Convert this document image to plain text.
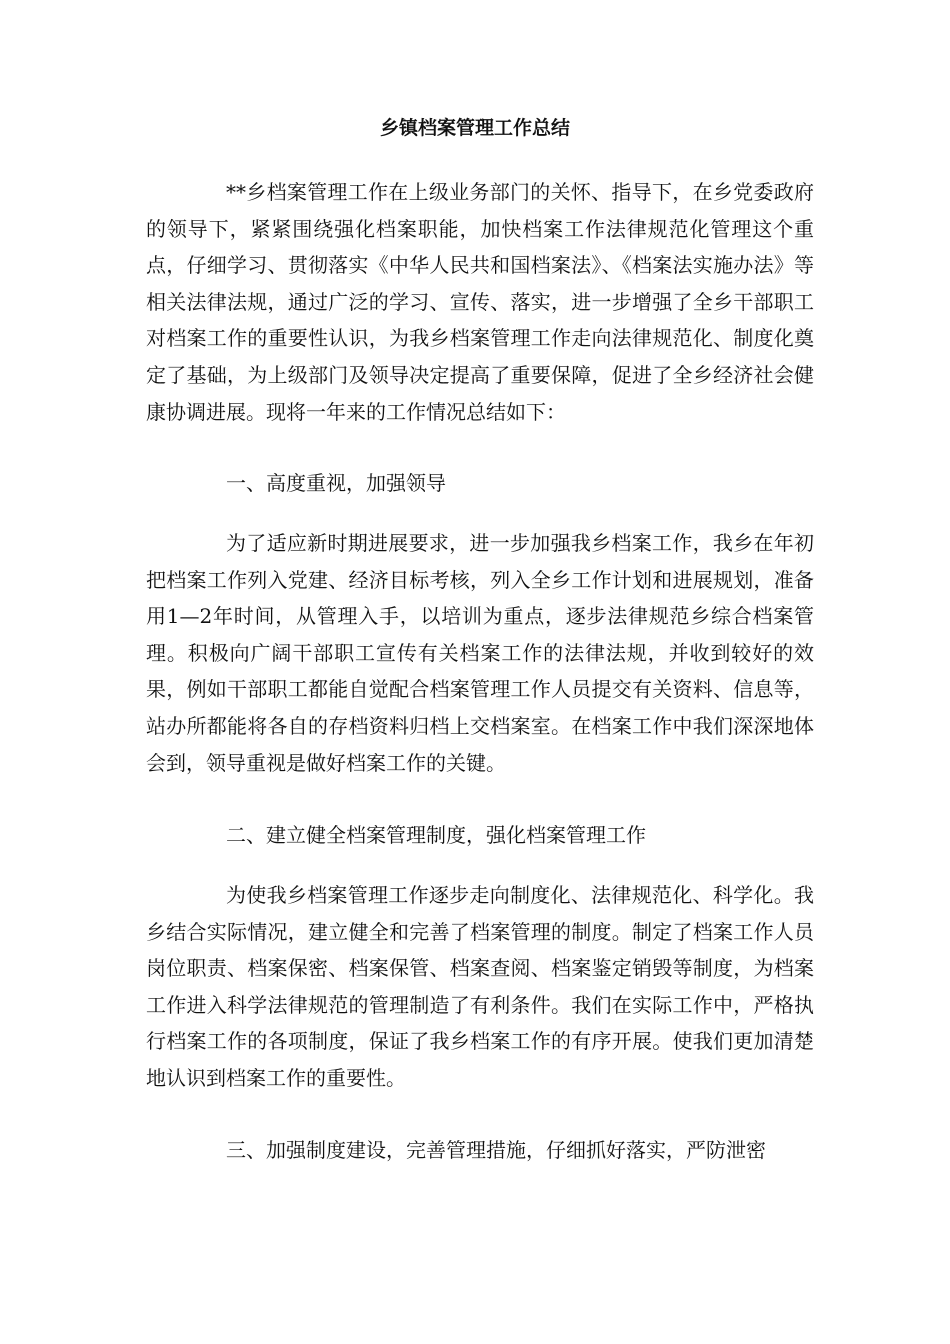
乡镇档案管理工作总结

**乡档案管理工作在上级业务部门的关怀、指导下，在乡党委政府的领导下，紧紧围绕强化档案职能，加快档案工作法律规范化管理这个重点，仔细学习、贯彻落实《中华人民共和国档案法》、《档案法实施办法》等相关法律法规，通过广泛的学习、宣传、落实，进一步增强了全乡干部职工对档案工作的重要性认识，为我乡档案管理工作走向法律规范化、制度化奠定了基础，为上级部门及领导决定提高了重要保障，促进了全乡经济社会健康协调进展。现将一年来的工作情况总结如下：

一、高度重视，加强领导

为了适应新时期进展要求，进一步加强我乡档案工作，我乡在年初把档案工作列入党建、经济目标考核，列入全乡工作计划和进展规划，准备用1—2年时间，从管理入手，以培训为重点，逐步法律规范乡综合档案管理。积极向广阔干部职工宣传有关档案工作的法律法规，并收到较好的效果，例如干部职工都能自觉配合档案管理工作人员提交有关资料、信息等，站办所都能将各自的存档资料归档上交档案室。在档案工作中我们深深地体会到，领导重视是做好档案工作的关键。

二、建立健全档案管理制度，强化档案管理工作

为使我乡档案管理工作逐步走向制度化、法律规范化、科学化。我乡结合实际情况，建立健全和完善了档案管理的制度。制定了档案工作人员岗位职责、档案保密、档案保管、档案查阅、档案鉴定销毁等制度，为档案工作进入科学法律规范的管理制造了有利条件。我们在实际工作中，严格执行档案工作的各项制度，保证了我乡档案工作的有序开展。使我们更加清楚地认识到档案工作的重要性。

三、加强制度建设，完善管理措施，仔细抓好落实，严防泄密
